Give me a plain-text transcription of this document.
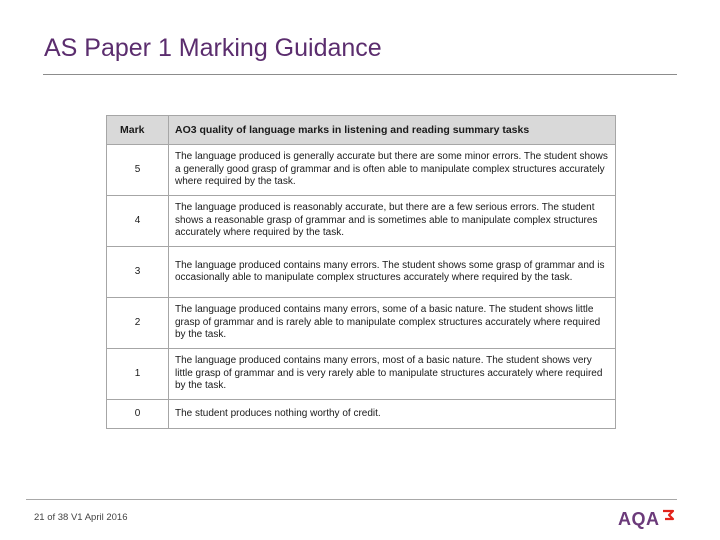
AS Paper 1 Marking Guidance
Mark	AO3 quality of language marks in listening and reading summary tasks
5	The language produced is generally accurate but there are some minor errors. The student shows a generally good grasp of grammar and is often able to manipulate complex structures accurately where required by the task.
4	The language produced is reasonably accurate, but there are a few serious errors. The student shows a reasonable grasp of grammar and is sometimes able to manipulate complex structures accurately where required by the task.
3	The language produced contains many errors. The student shows some grasp of grammar and is occasionally able to manipulate complex structures accurately where required by the task.
2	The language produced contains many errors, some of a basic nature. The student shows little grasp of grammar and is rarely able to manipulate complex structures accurately where required by the task.
1	The language produced contains many errors, most of a basic nature. The student shows very little grasp of grammar and is very rarely able to manipulate structures accurately where required by the task.
0	The student produces nothing worthy of credit.
21 of 38 V1 April 2016	AQA
